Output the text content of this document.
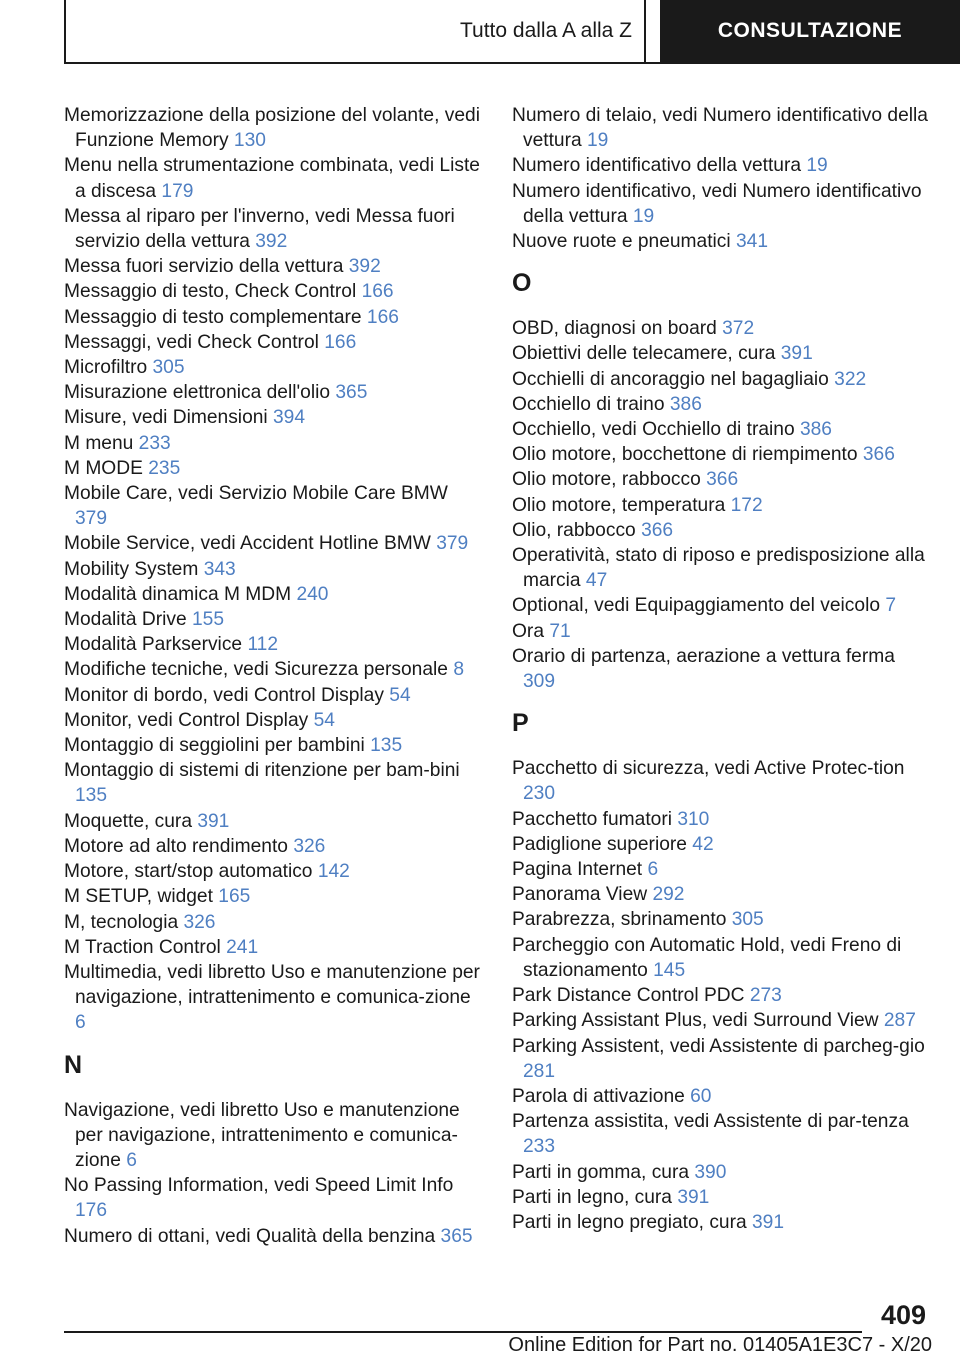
Tutto dalla A alla Z	CONSULTAZIONE
Memorizzazione della posizione del volante, vedi Funzione Memory 130
Menu nella strumentazione combinata, vedi Liste a discesa 179
Messa al riparo per l'inverno, vedi Messa fuori servizio della vettura 392
Messa fuori servizio della vettura 392
Messaggio di testo, Check Control 166
Messaggio di testo complementare 166
Messaggi, vedi Check Control 166
Microfiltro 305
Misurazione elettronica dell'olio 365
Misure, vedi Dimensioni 394
M menu 233
M MODE 235
Mobile Care, vedi Servizio Mobile Care BMW 379
Mobile Service, vedi Accident Hotline BMW 379
Mobility System 343
Modalità dinamica M MDM 240
Modalità Drive 155
Modalità Parkservice 112
Modifiche tecniche, vedi Sicurezza personale 8
Monitor di bordo, vedi Control Display 54
Monitor, vedi Control Display 54
Montaggio di seggiolini per bambini 135
Montaggio di sistemi di ritenzione per bam-bini 135
Moquette, cura 391
Motore ad alto rendimento 326
Motore, start/stop automatico 142
M SETUP, widget 165
M, tecnologia 326
M Traction Control 241
Multimedia, vedi libretto Uso e manutenzione per navigazione, intrattenimento e comunica-zione 6
N
Navigazione, vedi libretto Uso e manutenzione per navigazione, intrattenimento e comunica-zione 6
No Passing Information, vedi Speed Limit Info 176
Numero di ottani, vedi Qualità della benzina 365
Numero di telaio, vedi Numero identificativo della vettura 19
Numero identificativo della vettura 19
Numero identificativo, vedi Numero identificativo della vettura 19
Nuove ruote e pneumatici 341
O
OBD, diagnosi on board 372
Obiettivi delle telecamere, cura 391
Occhielli di ancoraggio nel bagagliaio 322
Occhiello di traino 386
Occhiello, vedi Occhiello di traino 386
Olio motore, bocchettone di riempimento 366
Olio motore, rabbocco 366
Olio motore, temperatura 172
Olio, rabbocco 366
Operatività, stato di riposo e predisposizione alla marcia 47
Optional, vedi Equipaggiamento del veicolo 7
Ora 71
Orario di partenza, aerazione a vettura ferma 309
P
Pacchetto di sicurezza, vedi Active Protec-tion 230
Pacchetto fumatori 310
Padiglione superiore 42
Pagina Internet 6
Panorama View 292
Parabrezza, sbrinamento 305
Parcheggio con Automatic Hold, vedi Freno di stazionamento 145
Park Distance Control PDC 273
Parking Assistant Plus, vedi Surround View 287
Parking Assistent, vedi Assistente di parcheg-gio 281
Parola di attivazione 60
Partenza assistita, vedi Assistente di par-tenza 233
Parti in gomma, cura 390
Parti in legno, cura 391
Parti in legno pregiato, cura 391
409
Online Edition for Part no. 01405A1E3C7 - X/20
